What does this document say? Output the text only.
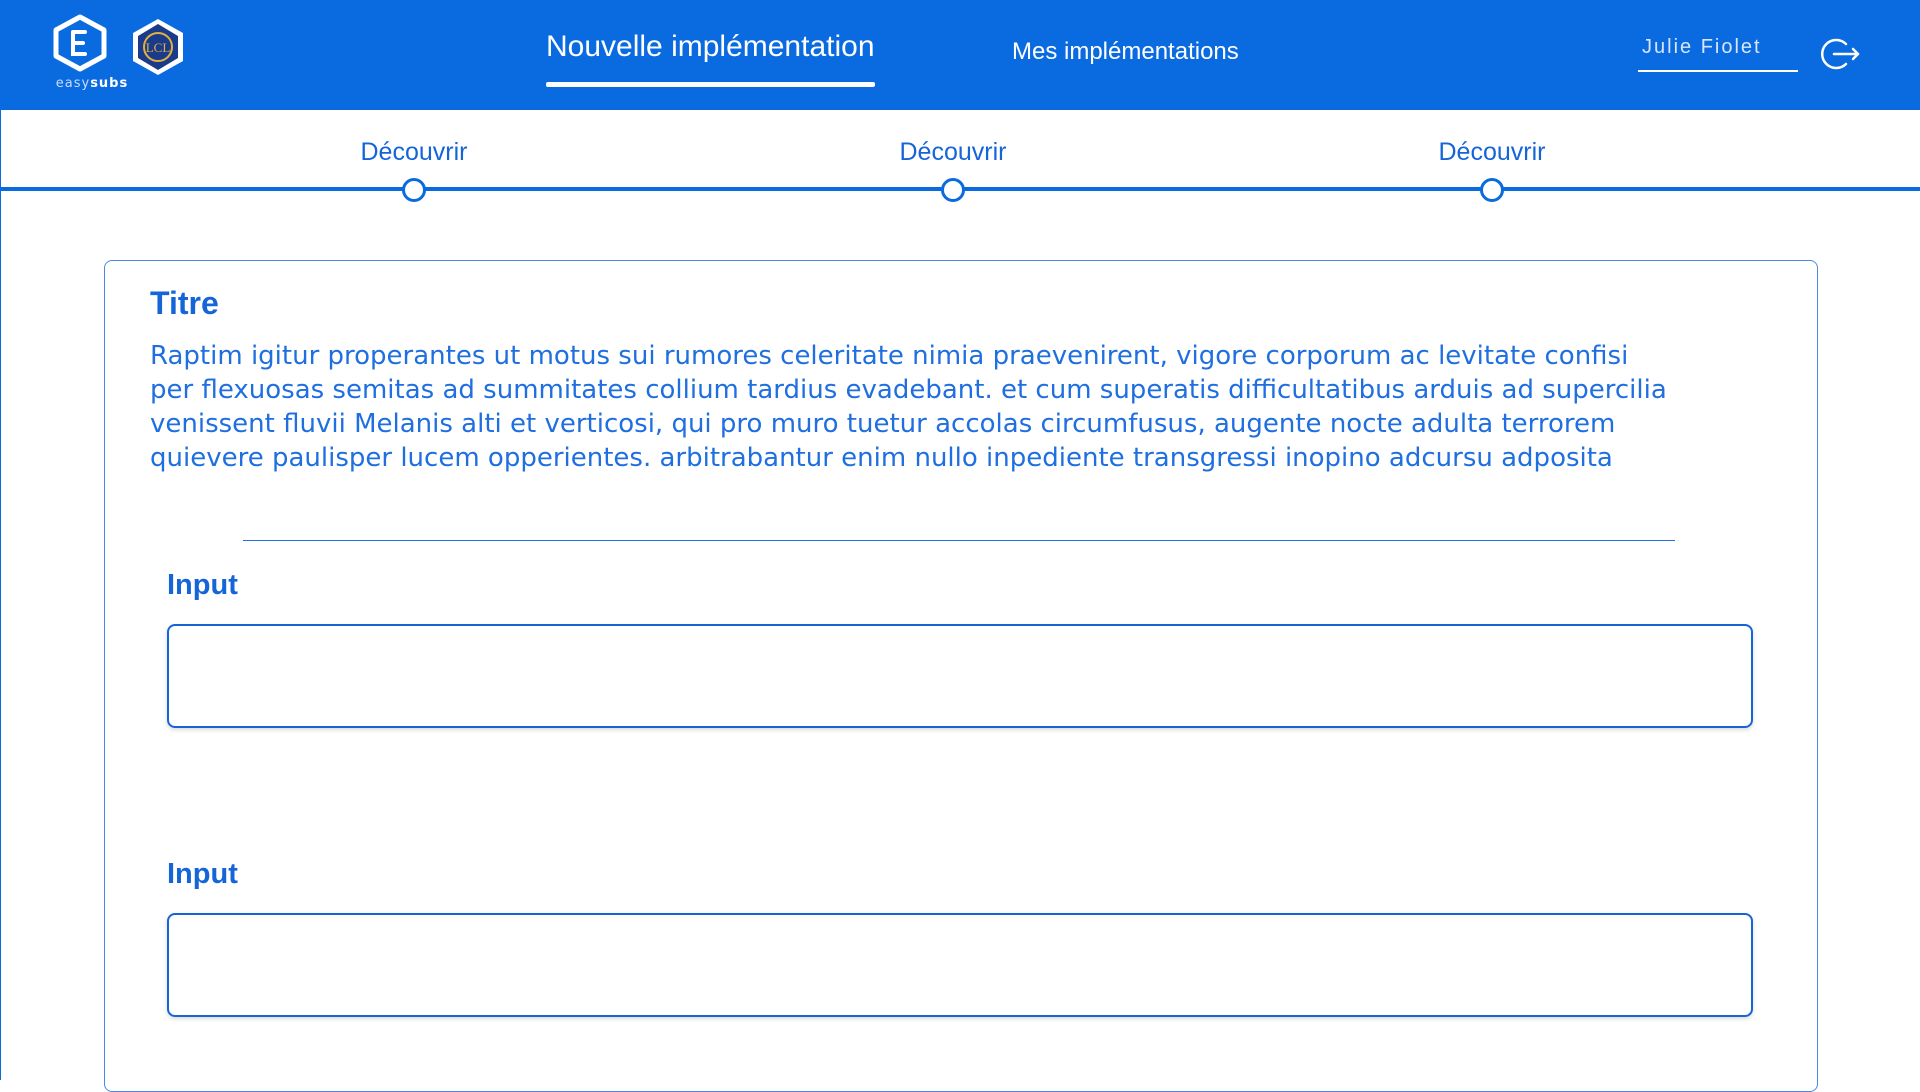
easysubs
LCL	Nouvelle implémentation	Mes implémentations	Julie Fiolet
Découvrir	Découvrir	Découvrir
Titre
Raptim igitur properantes ut motus sui rumores celeritate nimia praevenirent, vigore corporum ac levitate confisi
per flexuosas semitas ad summitates collium tardius evadebant. et cum superatis difficultatibus arduis ad supercilia
venissent fluvii Melanis alti et verticosi, qui pro muro tuetur accolas circumfusus, augente nocte adulta terrorem
quievere paulisper lucem opperientes. arbitrabantur enim nullo inpediente transgressi inopino adcursu adposita
Input
Input
